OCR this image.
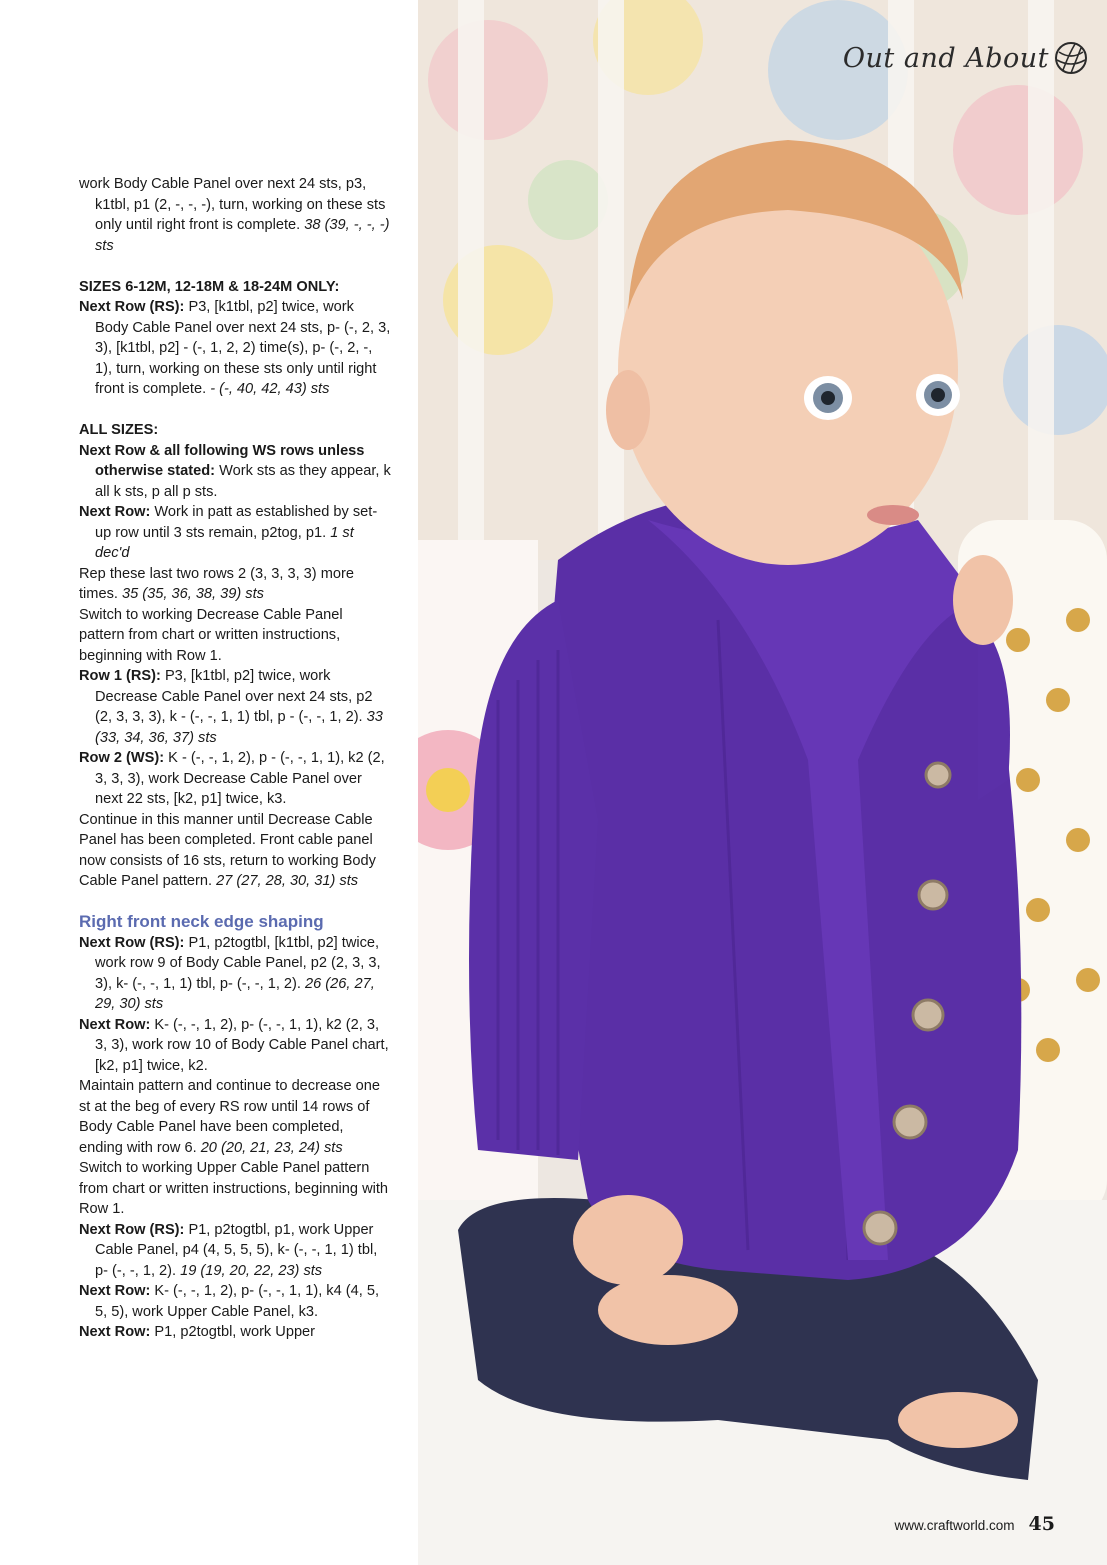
work Body Cable Panel over next 24 sts, p3, k1tbl, p1 (2, -, -, -), turn, working on these sts only until right front is complete. 38 (39, -, -, -) sts

SIZES 6-12M, 12-18M & 18-24M ONLY:

Next Row (RS): P3, [k1tbl, p2] twice, work Body Cable Panel over next 24 sts, p- (-, 2, 3, 3), [k1tbl, p2] - (-, 1, 2, 2) time(s), p- (-, 2, -, 1), turn, working on these sts only until right front is complete. - (-, 40, 42, 43) sts

ALL SIZES:

Next Row & all following WS rows unless otherwise stated: Work sts as they appear, k all k sts, p all p sts.

Next Row: Work in patt as established by set-up row until 3 sts remain, p2tog, p1. 1 st dec'd

Rep these last two rows 2 (3, 3, 3, 3) more times. 35 (35, 36, 38, 39) sts

Switch to working Decrease Cable Panel pattern from chart or written instructions, beginning with Row 1.

Row 1 (RS): P3, [k1tbl, p2] twice, work Decrease Cable Panel over next 24 sts, p2 (2, 3, 3, 3), k - (-, -, 1, 1) tbl, p - (-, -, 1, 2). 33 (33, 34, 36, 37) sts

Row 2 (WS): K - (-, -, 1, 2), p - (-, -, 1, 1), k2 (2, 3, 3, 3), work Decrease Cable Panel over next 22 sts, [k2, p1] twice, k3.

Continue in this manner until Decrease Cable Panel has been completed. Front cable panel now consists of 16 sts, return to working Body Cable Panel pattern. 27 (27, 28, 30, 31) sts

Right front neck edge shaping

Next Row (RS): P1, p2togtbl, [k1tbl, p2] twice, work row 9 of Body Cable Panel, p2 (2, 3, 3, 3), k- (-, -, 1, 1) tbl, p- (-, -, 1, 2). 26 (26, 27, 29, 30) sts

Next Row: K- (-, -, 1, 2), p- (-, -, 1, 1), k2 (2, 3, 3, 3), work row 10 of Body Cable Panel chart, [k2, p1] twice, k2.

Maintain pattern and continue to decrease one st at the beg of every RS row until 14 rows of Body Cable Panel have been completed, ending with row 6. 20 (20, 21, 23, 24) sts

Switch to working Upper Cable Panel pattern from chart or written instructions, beginning with Row 1.

Next Row (RS): P1, p2togtbl, p1, work Upper Cable Panel, p4 (4, 5, 5, 5), k- (-, -, 1, 1) tbl, p- (-, -, 1, 2). 19 (19, 20, 22, 23) sts

Next Row: K- (-, -, 1, 2), p- (-, -, 1, 1), k4 (4, 5, 5, 5), work Upper Cable Panel, k3.

Next Row: P1, p2togtbl, work Upper

Out and About
www.craftworld.com 45
